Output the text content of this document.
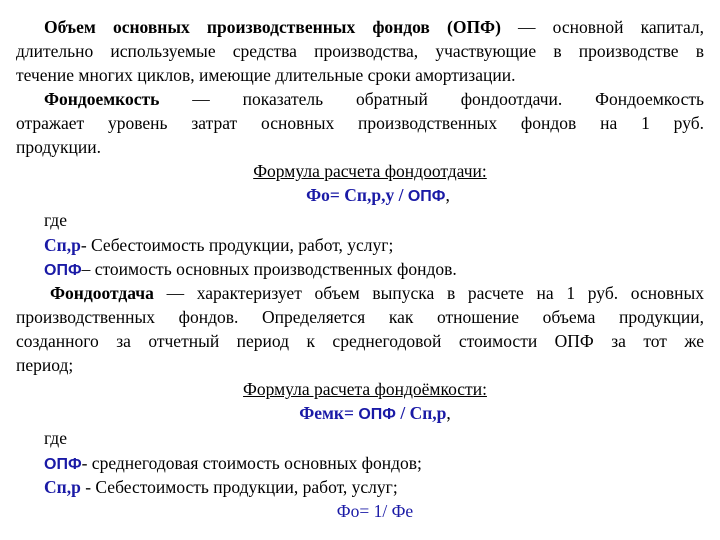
Объем основных производственных фондов (ОПФ) — основной капитал,
длительно используемые средства производства, участвующие в производстве в
течение многих циклов, имеющие длительные сроки амортизации.
Фондоемкость — показатель обратный фондоотдачи. Фондоемкость
отражает уровень затрат основных производственных фондов на 1 руб.
продукции.
Формула расчета фондоотдачи:
Фо= Сп,р,у / ОПФ,
где
Сп,р- Себестоимость продукции, работ, услуг;
ОПФ– стоимость основных производственных фондов.
Фондоотдача — характеризует объем выпуска в расчете на 1 руб. основных
производственных фондов. Определяется как отношение объема продукции,
созданного за отчетный период к среднегодовой стоимости ОПФ за тот же
период;
Формула расчета фондоёмкости:
Фемк= ОПФ / Сп,р,
где
ОПФ- среднегодовая стоимость основных фондов;
Сп,р - Себестоимость продукции, работ, услуг;
Фо= 1/ Фе
